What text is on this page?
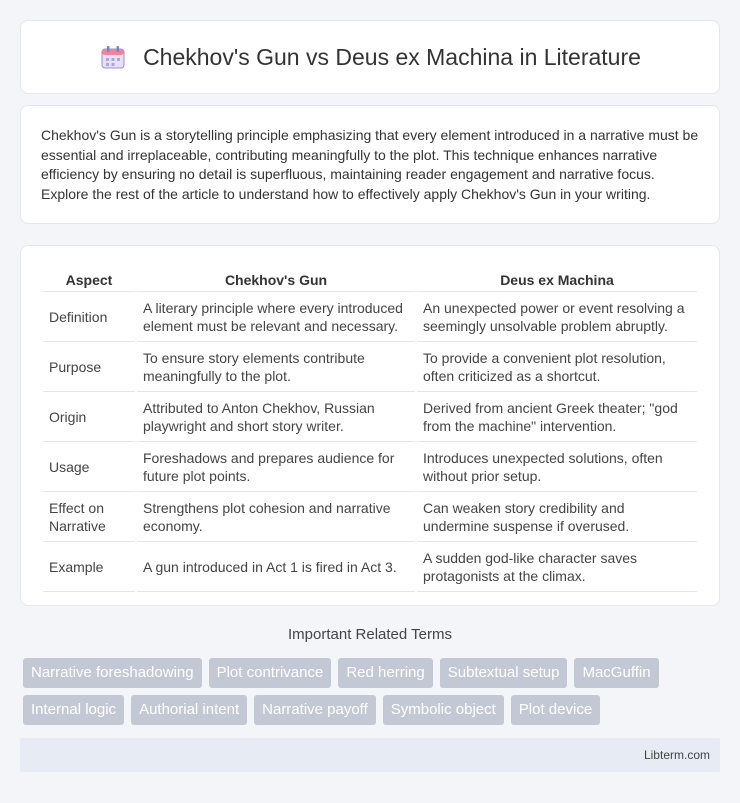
Chekhov's Gun vs Deus ex Machina in Literature

Chekhov's Gun is a storytelling principle emphasizing that every element introduced in a narrative must be essential and irreplaceable, contributing meaningfully to the plot. This technique enhances narrative efficiency by ensuring no detail is superfluous, maintaining reader engagement and narrative focus. Explore the rest of the article to understand how to effectively apply Chekhov's Gun in your writing.

Aspect	Chekhov's Gun	Deus ex Machina
Definition	A literary principle where every introduced element must be relevant and necessary.	An unexpected power or event resolving a seemingly unsolvable problem abruptly.
Purpose	To ensure story elements contribute meaningfully to the plot.	To provide a convenient plot resolution, often criticized as a shortcut.
Origin	Attributed to Anton Chekhov, Russian playwright and short story writer.	Derived from ancient Greek theater; "god from the machine" intervention.
Usage	Foreshadows and prepares audience for future plot points.	Introduces unexpected solutions, often without prior setup.
Effect on Narrative	Strengthens plot cohesion and narrative economy.	Can weaken story credibility and undermine suspense if overused.
Example	A gun introduced in Act 1 is fired in Act 3.	A sudden god-like character saves protagonists at the climax.
Important Related Terms
Narrative foreshadowing	Plot contrivance	Red herring	Subtextual setup	MacGuffin
Internal logic	Authorial intent	Narrative payoff	Symbolic object	Plot device
Libterm.com
